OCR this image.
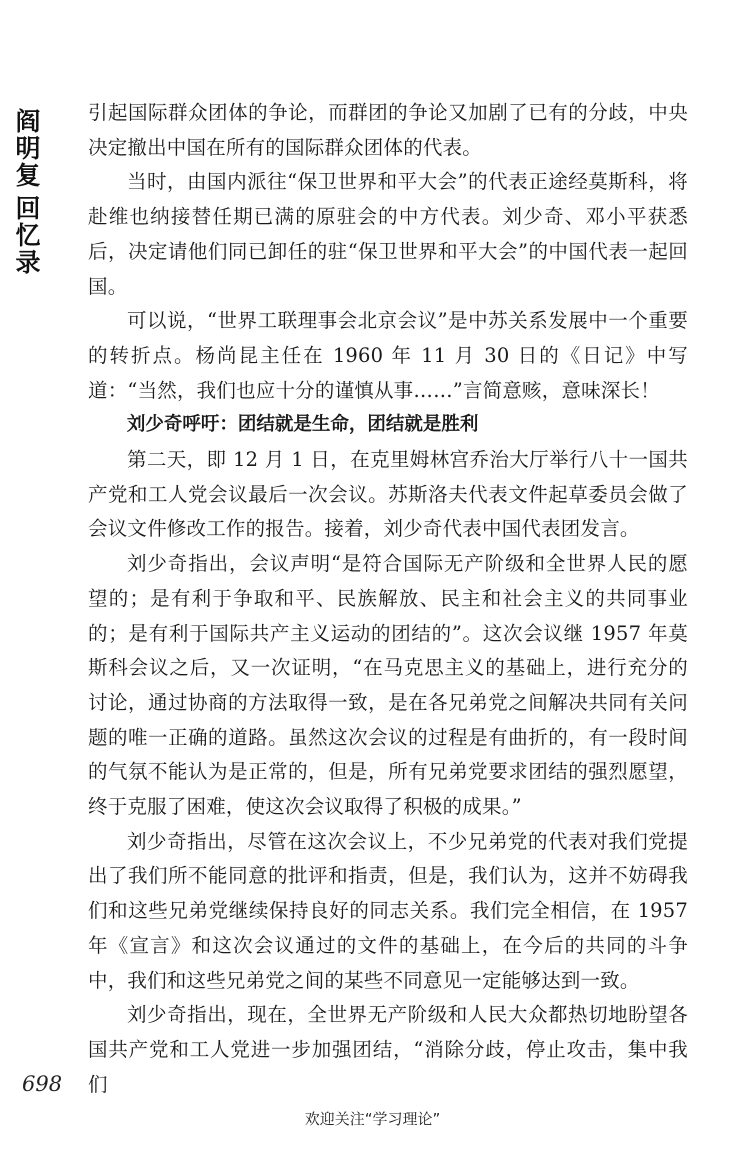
阎
明
复
回
忆
录

引起国际群众团体的争论，而群团的争论又加剧了已有的分歧，中央决定撤出中国在所有的国际群众团体的代表。

当时，由国内派往“保卫世界和平大会”的代表正途经莫斯科，将赴维也纳接替任期已满的原驻会的中方代表。刘少奇、邓小平获悉后，决定请他们同已卸任的驻“保卫世界和平大会”的中国代表一起回国。

可以说，“世界工联理事会北京会议”是中苏关系发展中一个重要的转折点。杨尚昆主任在 1960 年 11 月 30 日的《日记》中写道：“当然，我们也应十分的谨慎从事……”言简意赅，意味深长！

刘少奇呼吁：团结就是生命，团结就是胜利

第二天，即 12 月 1 日，在克里姆林宫乔治大厅举行八十一国共产党和工人党会议最后一次会议。苏斯洛夫代表文件起草委员会做了会议文件修改工作的报告。接着，刘少奇代表中国代表团发言。

刘少奇指出，会议声明“是符合国际无产阶级和全世界人民的愿望的；是有利于争取和平、民族解放、民主和社会主义的共同事业的；是有利于国际共产主义运动的团结的”。这次会议继 1957 年莫斯科会议之后，又一次证明，“在马克思主义的基础上，进行充分的讨论，通过协商的方法取得一致，是在各兄弟党之间解决共同有关问题的唯一正确的道路。虽然这次会议的过程是有曲折的，有一段时间的气氛不能认为是正常的，但是，所有兄弟党要求团结的强烈愿望，终于克服了困难，使这次会议取得了积极的成果。”

刘少奇指出，尽管在这次会议上，不少兄弟党的代表对我们党提出了我们所不能同意的批评和指责，但是，我们认为，这并不妨碍我们和这些兄弟党继续保持良好的同志关系。我们完全相信，在 1957 年《宣言》和这次会议通过的文件的基础上，在今后的共同的斗争中，我们和这些兄弟党之间的某些不同意见一定能够达到一致。

刘少奇指出，现在，全世界无产阶级和人民大众都热切地盼望各国共产党和工人党进一步加强团结，“消除分歧，停止攻击，集中我们

698
欢迎关注“学习理论”
